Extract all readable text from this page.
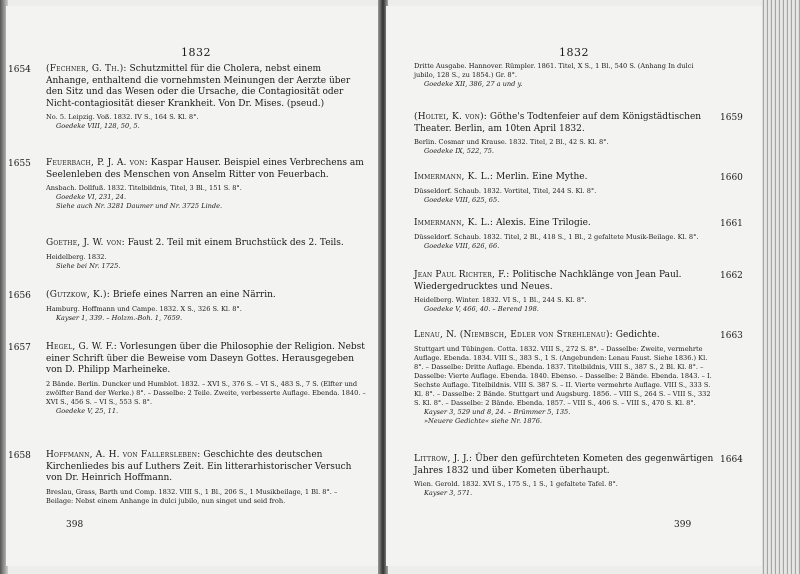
1832
1654 (Fechner, G. Th.): Schutzmittel für die Cholera, nebst einem Anhange, enthaltend die vornehmsten Meinungen der Aerzte über den Sitz und das Wesen oder die Ursache, die Contagiosität oder Nicht-contagiosität dieser Krankheit. Von Dr. Mises. (pseud.)
No. 5. Leipzig. Voß. 1832. IV S., 164 S. Kl. 8°.
Goedeke VIII, 128, 50, 5.
1655 Feuerbach, P. J. A. von: Kaspar Hauser. Beispiel eines Verbrechens am Seelenleben des Menschen von Anselm Ritter von Feuerbach.
Ansbach. Dollfuß. 1832. Titelbildnis, Titel, 3 Bl., 151 S. 8°.
Goedeke VI, 231, 24.
Siehe auch Nr. 3281 Daumer und Nr. 3725 Linde.
Goethe, J. W. von: Faust 2. Teil mit einem Bruchstück des 2. Teils.
Heidelberg. 1832.
Siehe bei Nr. 1725.
1656 (Gutzkow, K.): Briefe eines Narren an eine Närrin.
Hamburg. Hoffmann und Campe. 1832. X S., 326 S. Kl. 8°.
Kayser 1, 339. – Holzm.-Boh. 1, 7659.
1657 Hegel, G. W. F.: Vorlesungen über die Philosophie der Religion. Nebst einer Schrift über die Beweise vom Daseyn Gottes. Herausgegeben von D. Philipp Marheineke.
2 Bände. Berlin. Duncker und Humblot. 1832. – XVI S., 376 S. – VI S., 483 S., 7 S. (Elfter und zwölfter Band der Werke.) 8°. – Dasselbe: 2 Teile. Zweite, verbesserte Auflage. Ebenda. 1840. – XVI S., 456 S. – VI S., 553 S. 8°.
Goedeke V, 25, 11.
1658 Hoffmann, A. H. von Fallersleben: Geschichte des deutschen Kirchenliedes bis auf Luthers Zeit. Ein litterarhistorischer Versuch von Dr. Heinrich Hoffmann.
Breslau, Grass, Barth und Comp. 1832. VIII S., 1 Bl., 206 S., 1 Musikbeilage, 1 Bl. 8°. – Beilage: Nebst einem Anhange in dulci jubilo, nun singet und seid froh.
398
1832
Dritte Ausgabe. Hannover. Rümpler. 1861. Titel, X S., 1 Bl., 540 S. (Anhang In dulci jubilo, 128 S., zu 1854.) Gr. 8°.
Goedeke XII, 386, 27 a und y.
1659
(Holtei, K. von): Göthe's Todtenfeier auf dem Königstädtischen Theater. Berlin, am 10ten April 1832.
Berlin. Cosmar und Krause. 1832. Titel, 2 Bl., 42 S. Kl. 8°.
Goedeke IX, 522, 75.
1660
Immermann, K. L.: Merlin. Eine Mythe.
Düsseldorf. Schaub. 1832. Vortitel, Titel, 244 S. Kl. 8°.
Goedeke VIII, 625, 65.
1661
Immermann, K. L.: Alexis. Eine Trilogie.
Düsseldorf. Schaub. 1832. Titel, 2 Bl., 418 S., 1 Bl., 2 gefaltete Musik-Beilage. Kl. 8°.
Goedeke VIII, 626, 66.
1662
Jean Paul Richter, F.: Politische Nachklänge von Jean Paul. Wiedergedrucktes und Neues.
Heidelberg. Winter. 1832. VI S., 1 Bl., 244 S. Kl. 8°.
Goedeke V, 466, 40. – Berend 198.
1663
Lenau, N. (Niembsch, Edler von Strehlenau): Gedichte.
Stuttgart und Tübingen. Cotta. 1832. VIII S., 272 S. 8°. – Dasselbe: Zweite, vermehrte Auflage. Ebenda. 1834. VIII S., 383 S., 1 S. (Angebunden: Lenau Faust. Siehe 1836.) Kl. 8°. – Dasselbe: Dritte Auflage. Ebenda. 1837. Titelbildnis, VIII S., 387 S., 2 Bl. Kl. 8°. – Dasselbe: Vierte Auflage. Ebenda. 1840. Ebenso. – Dasselbe: 2 Bände. Ebenda. 1843. – I. Sechste Auflage. Titelbildnis. VIII S. 387 S. – II. Vierte vermehrte Auflage. VIII S., 333 S. Kl. 8°. – Dasselbe: 2 Bände. Stuttgart und Augsburg. 1856. – VIII S., 264 S. – VIII S., 332 S. Kl. 8°. – Dasselbe: 2 Bände. Ebenda. 1857. – VIII S., 406 S. – VIII S., 470 S. Kl. 8°.
Kayser 3, 529 und 8, 24. – Brümmer 5, 135.
»Neuere Gedichte« siehe Nr. 1876.
1664
Littrow, J. J.: Über den gefürchteten Kometen des gegenwärtigen Jahres 1832 und über Kometen überhaupt.
Wien. Gerold. 1832. XVI S., 175 S., 1 S., 1 gefaltete Tafel. 8°.
Kayser 3, 571.
399
